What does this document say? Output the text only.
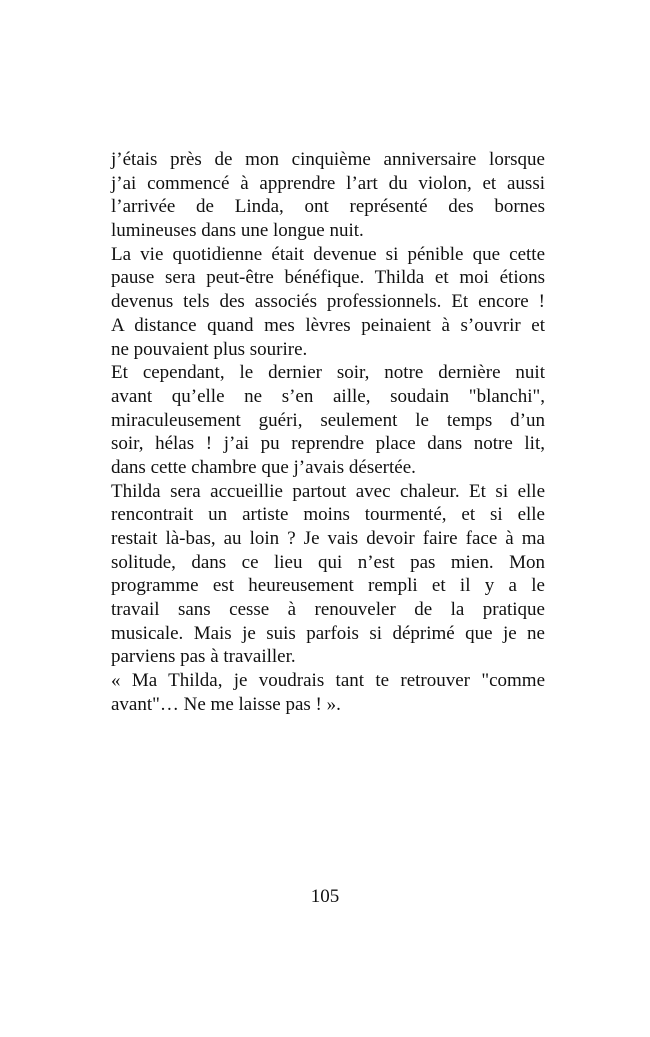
j’étais près de mon cinquième anniversaire lorsque
j’ai commencé à apprendre l’art du violon, et aussi
l’arrivée de Linda, ont représenté des bornes
lumineuses dans une longue nuit.
La vie quotidienne était devenue si pénible que cette
pause sera peut-être bénéfique. Thilda et moi étions
devenus tels des associés professionnels. Et encore !
A distance quand mes lèvres peinaient à s’ouvrir et
ne pouvaient plus sourire.
Et cependant, le dernier soir, notre dernière nuit
avant qu’elle ne s’en aille, soudain "blanchi",
miraculeusement guéri, seulement le temps d’un
soir, hélas ! j’ai pu reprendre place dans notre lit,
dans cette chambre que j’avais désertée.
Thilda sera accueillie partout avec chaleur. Et si elle
rencontrait un artiste moins tourmenté, et si elle
restait là-bas, au loin ? Je vais devoir faire face à ma
solitude, dans ce lieu qui n’est pas mien. Mon
programme est heureusement rempli et il y a le
travail sans cesse à renouveler de la pratique
musicale. Mais je suis parfois si déprimé que je ne
parviens pas à travailler.
« Ma Thilda, je voudrais tant te retrouver "comme
avant"… Ne me laisse pas ! ».
105
